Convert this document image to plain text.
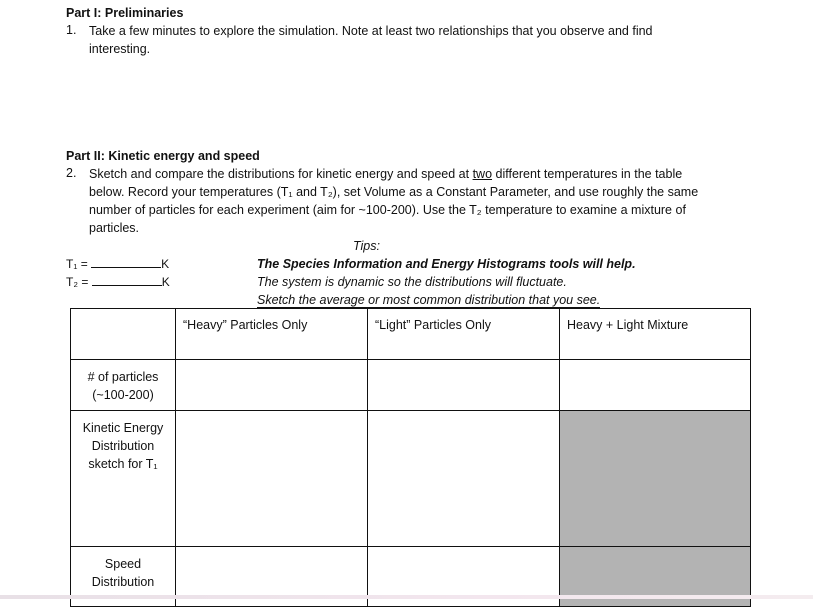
Part I: Preliminaries
1. Take a few minutes to explore the simulation. Note at least two relationships that you observe and find
interesting.
Part II: Kinetic energy and speed
2. Sketch and compare the distributions for kinetic energy and speed at two different temperatures in the table
below. Record your temperatures (T₁ and T₂), set Volume as a Constant Parameter, and use roughly the same
number of particles for each experiment (aim for ~100-200). Use the T₂ temperature to examine a mixture of
particles.
T₁ =	K
T₂ =	K
Tips:
The Species Information and Energy Histograms tools will help.
The system is dynamic so the distributions will fluctuate.
Sketch the average or most common distribution that you see.

	“Heavy” Particles Only	“Light” Particles Only	Heavy + Light Mixture

# of particles
(~100-200)			

Kinetic Energy
Distribution
sketch for T₁			

Speed
Distribution			
